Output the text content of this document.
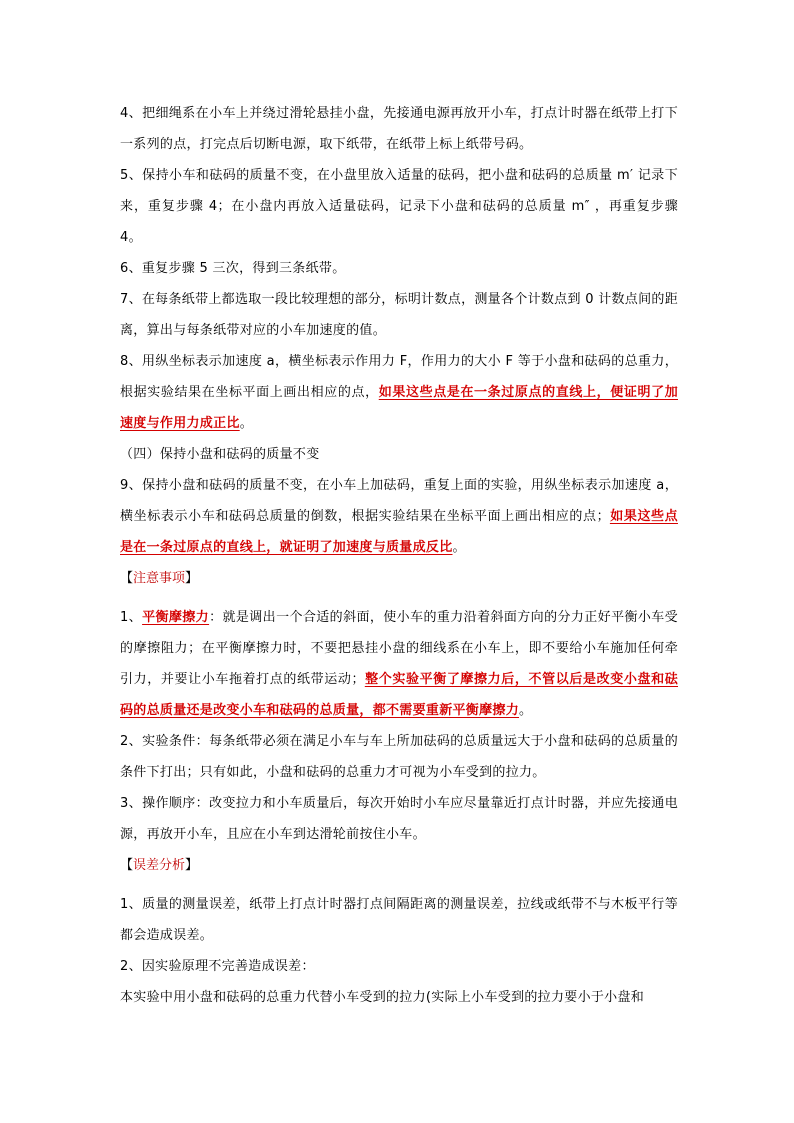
4、把细绳系在小车上并绕过滑轮悬挂小盘，先接通电源再放开小车，打点计时器在纸带上打下一系列的点，打完点后切断电源，取下纸带，在纸带上标上纸带号码。

5、保持小车和砝码的质量不变，在小盘里放入适量的砝码，把小盘和砝码的总质量 m′ 记录下来，重复步骤 4；在小盘内再放入适量砝码，记录下小盘和砝码的总质量 m″ ，再重复步骤 4。

6、重复步骤 5 三次，得到三条纸带。

7、在每条纸带上都选取一段比较理想的部分，标明计数点，测量各个计数点到 0 计数点间的距离，算出与每条纸带对应的小车加速度的值。

8、用纵坐标表示加速度 a，横坐标表示作用力 F，作用力的大小 F 等于小盘和砝码的总重力，根据实验结果在坐标平面上画出相应的点，如果这些点是在一条过原点的直线上，便证明了加速度与作用力成正比。

（四）保持小盘和砝码的质量不变

9、保持小盘和砝码的质量不变，在小车上加砝码，重复上面的实验，用纵坐标表示加速度 a，横坐标表示小车和砝码总质量的倒数，根据实验结果在坐标平面上画出相应的点；如果这些点是在一条过原点的直线上，就证明了加速度与质量成反比。

【注意事项】

1、平衡摩擦力：就是调出一个合适的斜面，使小车的重力沿着斜面方向的分力正好平衡小车受的摩擦阻力；在平衡摩擦力时，不要把悬挂小盘的细线系在小车上，即不要给小车施加任何牵引力，并要让小车拖着打点的纸带运动；整个实验平衡了摩擦力后，不管以后是改变小盘和砝码的总质量还是改变小车和砝码的总质量，都不需要重新平衡摩擦力。

2、实验条件：每条纸带必须在满足小车与车上所加砝码的总质量远大于小盘和砝码的总质量的条件下打出；只有如此，小盘和砝码的总重力才可视为小车受到的拉力。

3、操作顺序：改变拉力和小车质量后，每次开始时小车应尽量靠近打点计时器，并应先接通电源，再放开小车，且应在小车到达滑轮前按住小车。

【误差分析】

1、质量的测量误差，纸带上打点计时器打点间隔距离的测量误差，拉线或纸带不与木板平行等都会造成误差。

2、因实验原理不完善造成误差：

本实验中用小盘和砝码的总重力代替小车受到的拉力(实际上小车受到的拉力要小于小盘和
